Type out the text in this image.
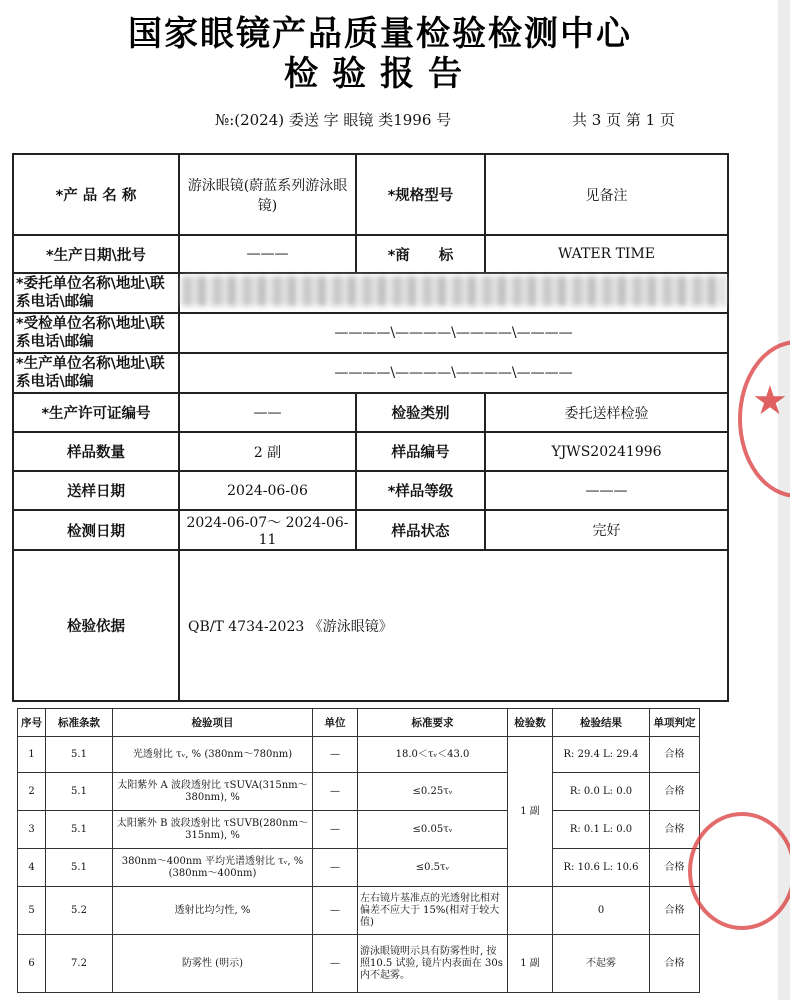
国家眼镜产品质量检验检测中心
检验报告
№:(2024) 委送 字 眼镜 类1996 号	共 3 页 第 1 页
*产 品 名 称	游泳眼镜(蔚蓝系列游泳眼镜)	*规格型号	见备注
*生产日期\批号	———	*商　　标	WATER TIME
*委托单位名称\地址\联系电话\邮编			
*受检单位名称\地址\联系电话\邮编	————\————\————\————		
*生产单位名称\地址\联系电话\邮编	————\————\————\————		
*生产许可证编号	——	检验类别	委托送样检验
样品数量	2 副	样品编号	YJWS20241996
送样日期	2024-06-06	*样品等级	———
检测日期	2024-06-07～ 2024-06-11	样品状态	完好
检验依据	QB/T 4734-2023 《游泳眼镜》		
序号	标准条款	检验项目	单位	标准要求	检验数	检验结果	单项判定
1	5.1	光透射比 τᵥ, % (380nm～780nm)	—	18.0＜τᵥ＜43.0	1 副	R: 29.4 L: 29.4	合格
2	5.1	太阳紫外 A 波段透射比 τSUVA(315nm～380nm), %	—	≤0.25τᵥ		R: 0.0 L: 0.0	合格
3	5.1	太阳紫外 B 波段透射比 τSUVB(280nm～315nm), %	—	≤0.05τᵥ		R: 0.1 L: 0.0	合格
4	5.1	380nm～400nm 平均光谱透射比 τᵥ, % (380nm～400nm)	—	≤0.5τᵥ		R: 10.6 L: 10.6	合格
5	5.2	透射比均匀性, %	—	左右镜片基准点的光透射比相对偏差不应大于 15%(相对于较大值)		0	合格
6	7.2	防雾性 (明示)	—	游泳眼镜明示具有防雾性时, 按照10.5 试验, 镜片内表面在 30s 内不起雾。	1 副	不起雾	合格
★
